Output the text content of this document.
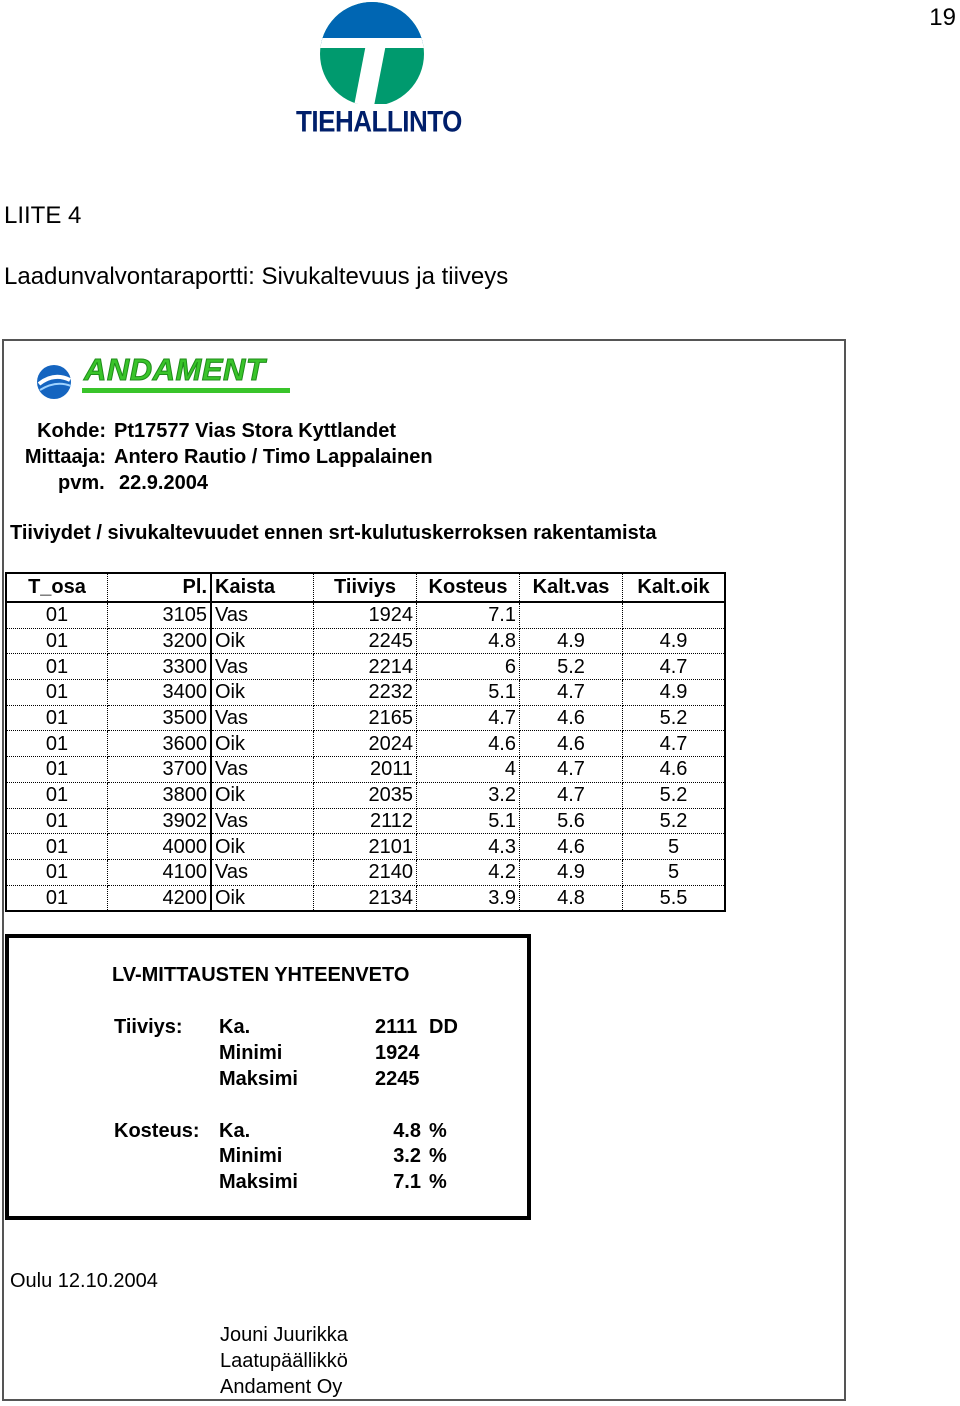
19
TIEHALLINTO
LIITE 4
Laadunvalvontaraportti: Sivukaltevuus ja tiiveys
ANDAMENT
Kohde: Pt17577 Vias Stora Kyttlandet
Mittaaja: Antero Rautio / Timo Lappalainen
pvm. 22.9.2004
Tiiviydet / sivukaltevuudet ennen srt-kulutuskerroksen rakentamista
T_osa	Pl.	Kaista	Tiiviys	Kosteus	Kalt.vas	Kalt.oik
01	3105	Vas	1924	7.1		
01	3200	Oik	2245	4.8	4.9	4.9
01	3300	Vas	2214	6	5.2	4.7
01	3400	Oik	2232	5.1	4.7	4.9
01	3500	Vas	2165	4.7	4.6	5.2
01	3600	Oik	2024	4.6	4.6	4.7
01	3700	Vas	2011	4	4.7	4.6
01	3800	Oik	2035	3.2	4.7	5.2
01	3902	Vas	2112	5.1	5.6	5.2
01	4000	Oik	2101	4.3	4.6	5
01	4100	Vas	2140	4.2	4.9	5
01	4200	Oik	2134	3.9	4.8	5.5
LV-MITTAUSTEN YHTEENVETO
Tiiviys: Ka.	2111 DD
Minimi	1924
Maksimi	2245
Kosteus: Ka.	4.8 %
Minimi	3.2 %
Maksimi	7.1 %
Oulu 12.10.2004
Jouni Juurikka
Laatupäällikkö
Andament Oy
